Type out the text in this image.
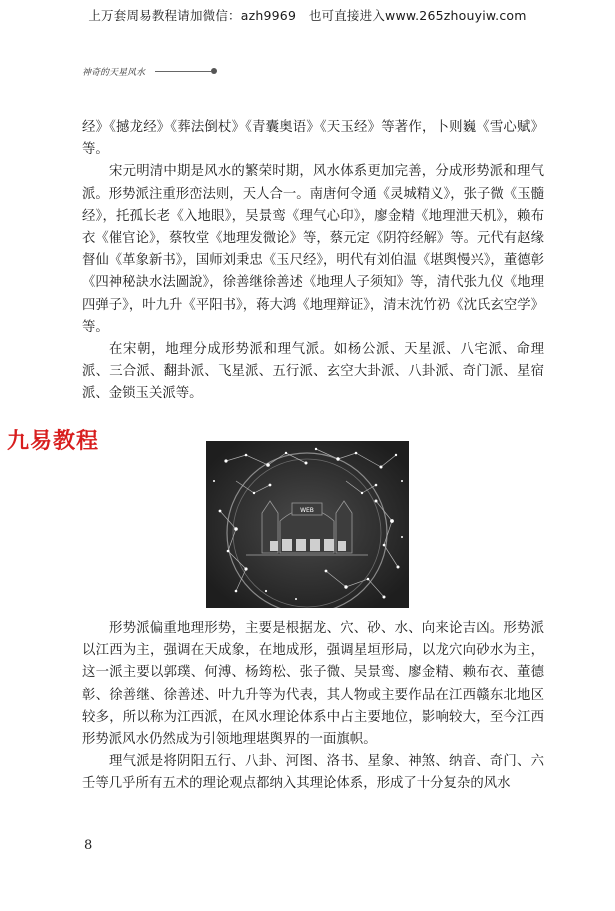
上万套周易教程请加微信：azh9969　也可直接进入www.265zhouyiw.com
神奇的天星风水

经》《撼龙经》《葬法倒杖》《青囊奥语》《天玉经》等著作，卜则巍《雪心赋》等。

宋元明清中期是风水的繁荣时期，风水体系更加完善，分成形势派和理气派。形势派注重形峦法则，天人合一。南唐何令通《灵城精义》，张子微《玉髓经》，托孤长老《入地眼》，吴景鸾《理气心印》，廖金精《地理泄天机》，赖布衣《催官论》，蔡牧堂《地理发微论》等，蔡元定《阴符经解》等。元代有赵缘督仙《革象新书》，国师刘秉忠《玉尺经》，明代有刘伯温《堪舆慢兴》，董德彰《四神秘訣水法圖說》，徐善继徐善述《地理人子须知》等，清代张九仪《地理四弹子》，叶九升《平阳书》，蒋大鸿《地理辩证》，清末沈竹礽《沈氏玄空学》等。

在宋朝，地理分成形势派和理气派。如杨公派、天星派、八宅派、命理派、三合派、翻卦派、飞星派、五行派、玄空大卦派、八卦派、奇门派、星宿派、金锁玉关派等。

九易教程
WEB

形势派偏重地理形势，主要是根据龙、穴、砂、水、向来论吉凶。形势派以江西为主，强调在天成象，在地成形，强调星垣形局，以龙穴向砂水为主，这一派主要以郭璞、何溥、杨筠松、张子微、吴景鸾、廖金精、赖布衣、董德彰、徐善继、徐善述、叶九升等为代表，其人物或主要作品在江西赣东北地区较多，所以称为江西派，在风水理论体系中占主要地位，影响较大，至今江西形势派风水仍然成为引领地理堪舆界的一面旗帜。

理气派是将阴阳五行、八卦、河图、洛书、星象、神煞、纳音、奇门、六壬等几乎所有五术的理论观点都纳入其理论体系，形成了十分复杂的风水

8
